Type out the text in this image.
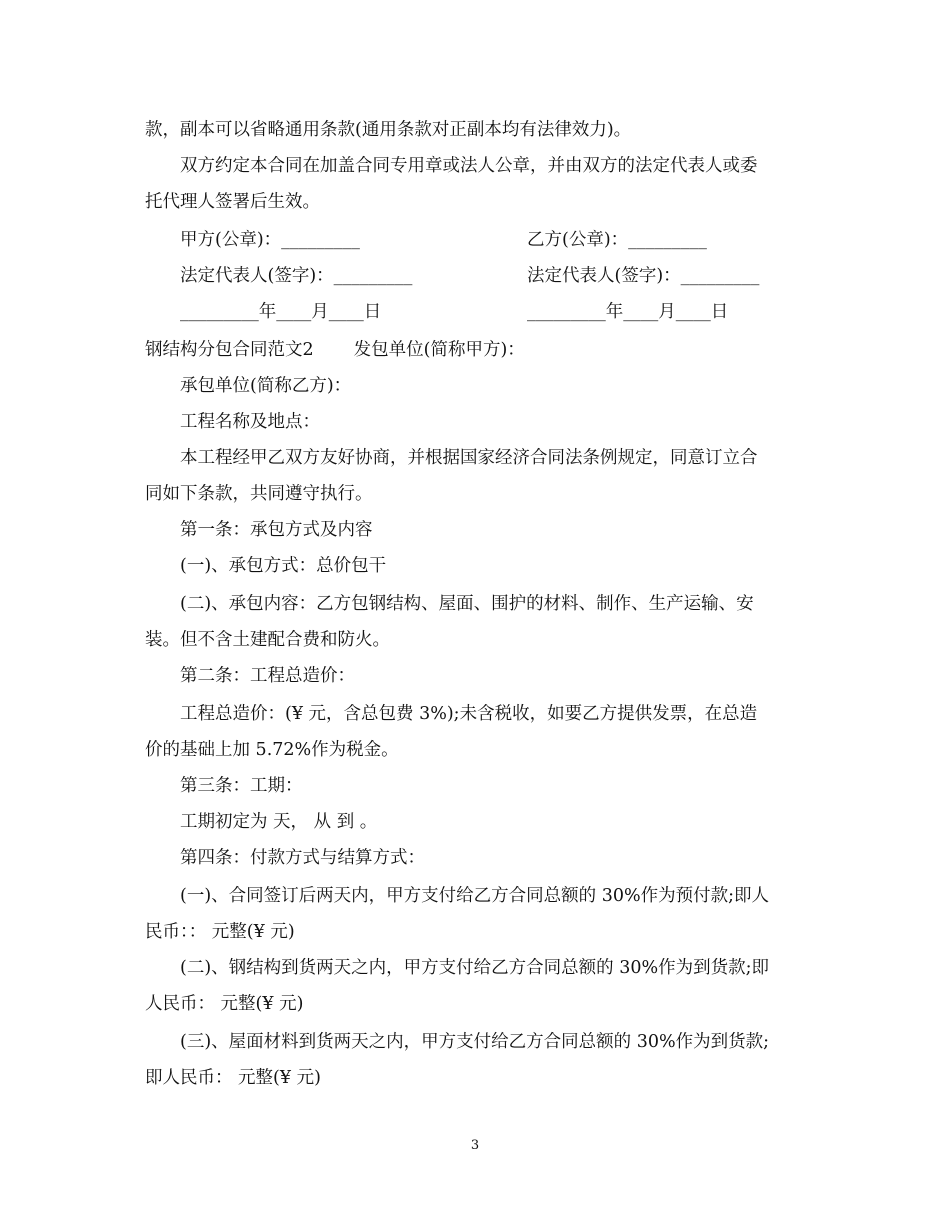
款，副本可以省略通用条款(通用条款对正副本均有法律效力)。
双方约定本合同在加盖合同专用章或法人公章，并由双方的法定代表人或委
托代理人签署后生效。
甲方(公章)：_________	乙方(公章)：_________
法定代表人(签字)：_________	法定代表人(签字)：_________
_________年____月____日	_________年____月____日
钢结构分包合同范文2 发包单位(简称甲方)：
承包单位(简称乙方)：
工程名称及地点：
本工程经甲乙双方友好协商，并根据国家经济合同法条例规定，同意订立合
同如下条款，共同遵守执行。
第一条：承包方式及内容
(一)、承包方式：总价包干
(二)、承包内容：乙方包钢结构、屋面、围护的材料、制作、生产运输、安
装。但不含土建配合费和防火。
第二条：工程总造价：
工程总造价：(¥ 元，含总包费 3%);未含税收，如要乙方提供发票，在总造
价的基础上加 5.72%作为税金。
第三条：工期：
工期初定为 天， 从 到 。
第四条：付款方式与结算方式：
(一)、合同签订后两天内，甲方支付给乙方合同总额的 30%作为预付款;即人
民币：： 元整(¥ 元)
(二)、钢结构到货两天之内，甲方支付给乙方合同总额的 30%作为到货款;即
人民币： 元整(¥ 元)
(三)、屋面材料到货两天之内，甲方支付给乙方合同总额的 30%作为到货款;
即人民币： 元整(¥ 元)
3
